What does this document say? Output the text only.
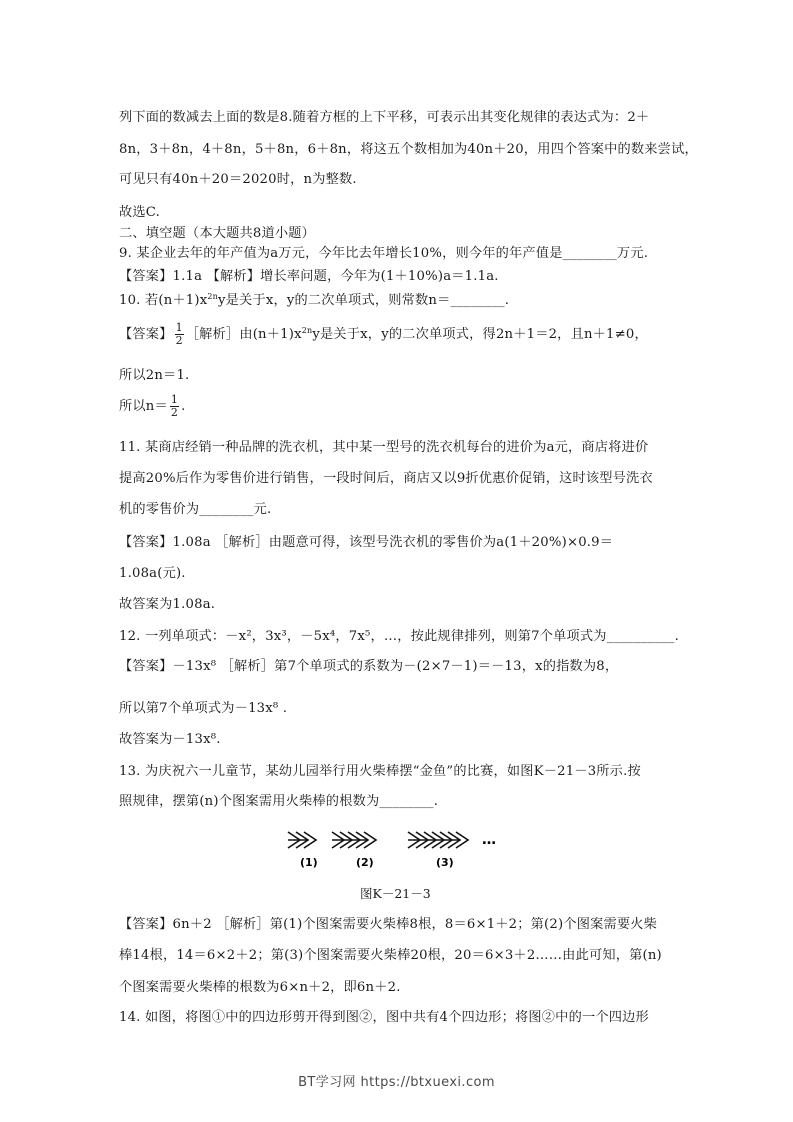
列下面的数减去上面的数是8.随着方框的上下平移，可表示出其变化规律的表达式为：2＋
8n，3＋8n，4＋8n，5＋8n，6＋8n，将这五个数相加为40n＋20，用四个答案中的数来尝试，
可见只有40n＋20＝2020时，n为整数.
故选C.
二、填空题（本大题共8道小题）
9. 某企业去年的年产值为a万元，今年比去年增长10%，则今年的年产值是________万元.
【答案】1.1a 【解析】增长率问题，今年为(1＋10%)a＝1.1a.
10. 若$(n+1)x^{2n}y$是关于x，y的二次单项式，则常数n＝________.
【答案】 $\frac{1}{2}$ ［解析］由$(n+1)x^{2n}y$是关于x，y的二次单项式，得2n＋1＝2，且n＋1≠0，
所以2n＝1.
所以$n= \frac{1}{2}$ .
11. 某商店经销一种品牌的洗衣机，其中某一型号的洗衣机每台的进价为a元，商店将进价
提高20%后作为零售价进行销售，一段时间后，商店又以9折优惠价促销，这时该型号洗衣
机的零售价为________元.
【答案】1.08a ［解析］由题意可得，该型号洗衣机的零售价为a(1＋20%)×0.9＝
1.08a(元).
故答案为1.08a.
12. 一列单项式：－x²，3x³，－5x⁴，7x⁵，…，按此规律排列，则第7个单项式为__________.
【答案】－13x⁸ ［解析］第7个单项式的系数为－(2×7－1)＝－13，x的指数为8，
所以第7个单项式为－13x⁸ .
故答案为－13x⁸.
13. 为庆祝六一儿童节，某幼儿园举行用火柴棒摆“金鱼”的比赛，如图K－21－3所示.按
照规律，摆第(n)个图案需用火柴棒的根数为________.
…
(1)	(2)	(3)
图K－21－3
【答案】6n＋2 ［解析］第(1)个图案需要火柴棒8根，8＝6×1＋2；第(2)个图案需要火柴
棒14根，14＝6×2＋2；第(3)个图案需要火柴棒20根，20＝6×3＋2……由此可知，第(n)
个图案需要火柴棒的根数为6×n＋2，即6n＋2.
14. 如图，将图①中的四边形剪开得到图②，图中共有4个四边形；将图②中的一个四边形
BT学习网 https://btxuexi.com
